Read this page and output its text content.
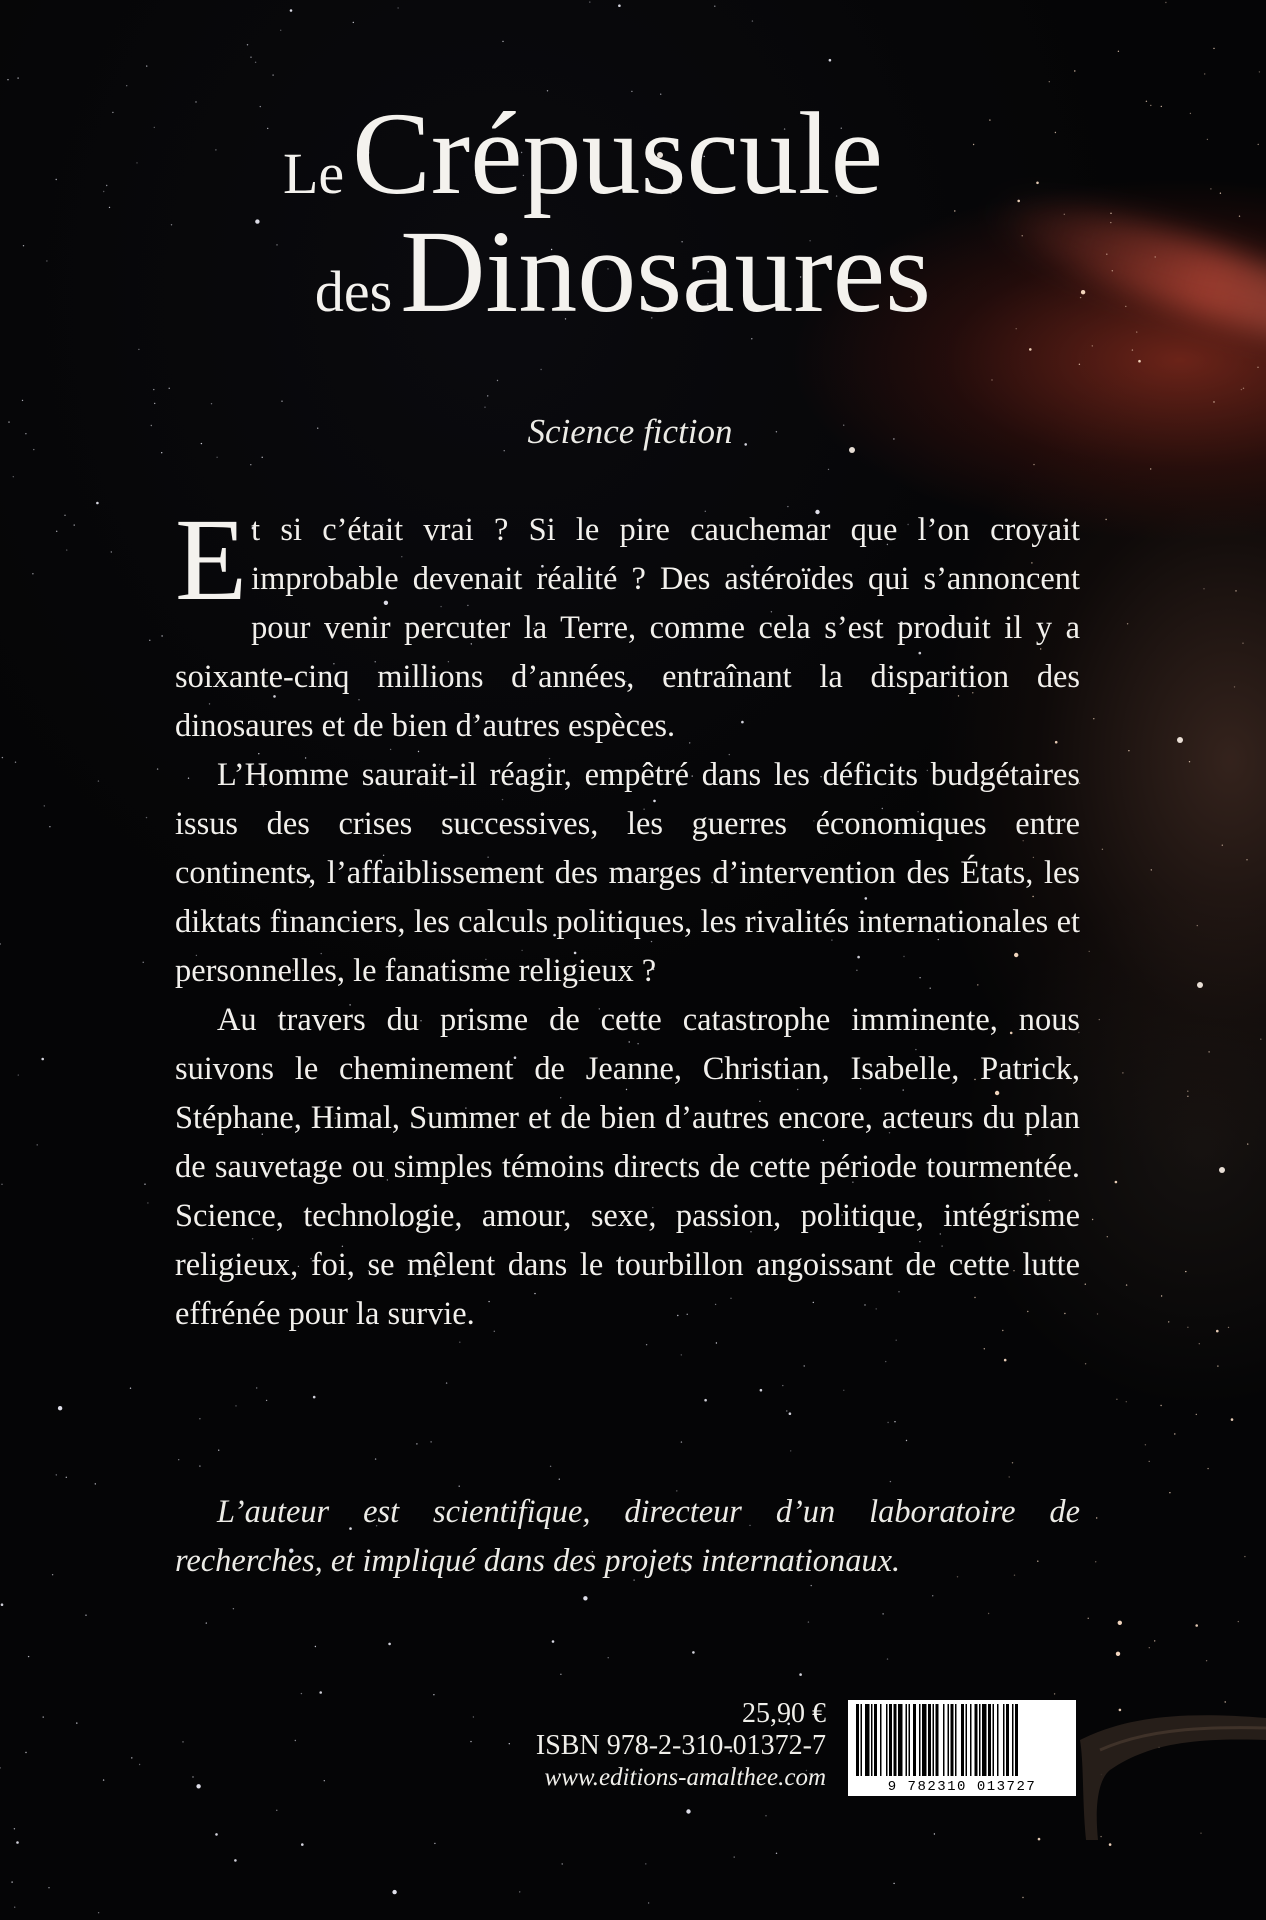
Le Crépuscule
des Dinosaures

Science fiction

Et si c’était vrai ? Si le pire cauchemar que l’on croyait improbable devenait réalité ? Des astéroïdes qui s’annoncent pour venir percuter la Terre, comme cela s’est produit il y a soixante-cinq millions d’années, entraînant la disparition des dinosaures et de bien d’autres espèces.

L’Homme saurait-il réagir, empêtré dans les déficits budgétaires issus des crises successives, les guerres économiques entre continents, l’affaiblissement des marges d’intervention des États, les diktats financiers, les calculs politiques, les rivalités internationales et personnelles, le fanatisme religieux ?

Au travers du prisme de cette catastrophe imminente, nous suivons le cheminement de Jeanne, Christian, Isabelle, Patrick, Stéphane, Himal, Summer et de bien d’autres encore, acteurs du plan de sauvetage ou simples témoins directs de cette période tourmentée. Science, technologie, amour, sexe, passion, politique, intégrisme religieux, foi, se mêlent dans le tourbillon angoissant de cette lutte effrénée pour la survie.

L’auteur est scientifique, directeur d’un laboratoire de recherches, et impliqué dans des projets internationaux.

25,90 €
ISBN 978-2-310-01372-7
www.editions-amalthee.com	9 782310 013727
